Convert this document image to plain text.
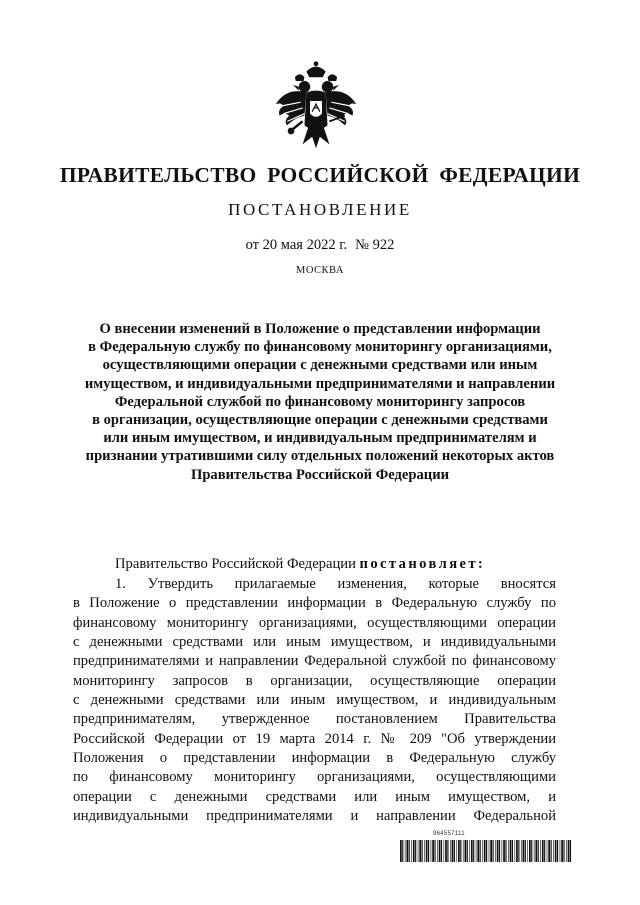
ПРАВИТЕЛЬСТВО РОССИЙСКОЙ ФЕДЕРАЦИИ
ПОСТАНОВЛЕНИЕ
от 20 мая 2022 г. № 922
МОСКВА
О внесении изменений в Положение о представлении информации
в Федеральную службу по финансовому мониторингу организациями,
осуществляющими операции с денежными средствами или иным
имуществом, и индивидуальными предпринимателями и направлении
Федеральной службой по финансовому мониторингу запросов
в организации, осуществляющие операции с денежными средствами
или иным имуществом, и индивидуальным предпринимателям и
признании утратившими силу отдельных положений некоторых актов
Правительства Российской Федерации
Правительство Российской Федерации постановляет:
1. Утвердить прилагаемые изменения, которые вносятся
в Положение о представлении информации в Федеральную службу по
финансовому мониторингу организациями, осуществляющими операции
с денежными средствами или иным имуществом, и индивидуальными
предпринимателями и направлении Федеральной службой по финансовому
мониторингу запросов в организации, осуществляющие операции
с денежными средствами или иным имуществом, и индивидуальным
предпринимателям, утвержденное постановлением Правительства
Российской Федерации от 19 марта 2014 г. № 209 "Об утверждении
Положения о представлении информации в Федеральную службу
по финансовому мониторингу организациями, осуществляющими
операции с денежными средствами или иным имуществом, и
индивидуальными предпринимателями и направлении Федеральной
964557111
